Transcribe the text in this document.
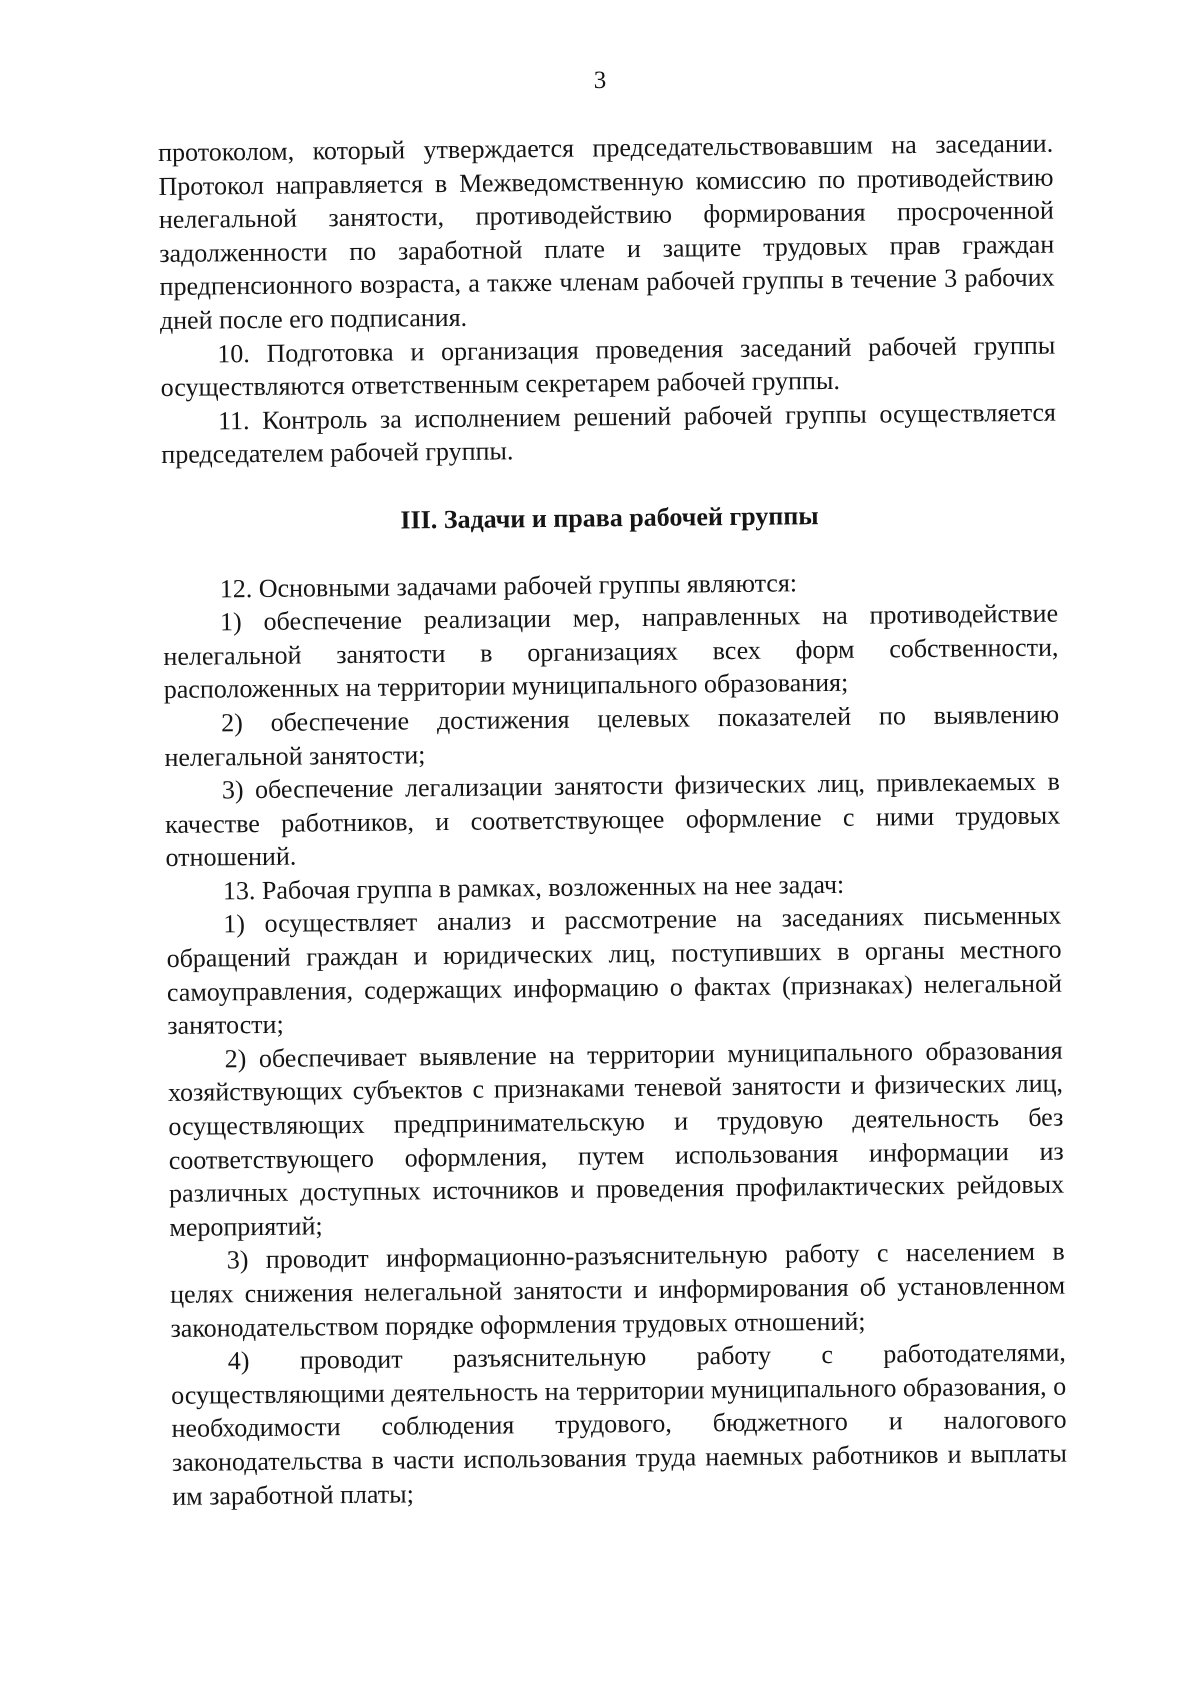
3

протоколом, который утверждается председательствовавшим на заседании. Протокол направляется в Межведомственную комиссию по противодействию нелегальной занятости, противодействию формирования просроченной задолженности по заработной плате и защите трудовых прав граждан предпенсионного возраста, а также членам рабочей группы в течение 3 рабочих дней после его подписания.

10. Подготовка и организация проведения заседаний рабочей группы осуществляются ответственным секретарем рабочей группы.

11. Контроль за исполнением решений рабочей группы осуществляется председателем рабочей группы.

III. Задачи и права рабочей группы

12. Основными задачами рабочей группы являются:

1) обеспечение реализации мер, направленных на противодействие нелегальной занятости в организациях всех форм собственности, расположенных на территории муниципального образования;

2) обеспечение достижения целевых показателей по выявлению нелегальной занятости;

3) обеспечение легализации занятости физических лиц, привлекаемых в качестве работников, и соответствующее оформление с ними трудовых отношений.

13. Рабочая группа в рамках, возложенных на нее задач:

1) осуществляет анализ и рассмотрение на заседаниях письменных обращений граждан и юридических лиц, поступивших в органы местного самоуправления, содержащих информацию о фактах (признаках) нелегальной занятости;

2) обеспечивает выявление на территории муниципального образования хозяйствующих субъектов с признаками теневой занятости и физических лиц, осуществляющих предпринимательскую и трудовую деятельность без соответствующего оформления, путем использования информации из различных доступных источников и проведения профилактических рейдовых мероприятий;

3) проводит информационно-разъяснительную работу с населением в целях снижения нелегальной занятости и информирования об установленном законодательством порядке оформления трудовых отношений;

4) проводит разъяснительную работу с работодателями, осуществляющими деятельность на территории муниципального образования, о необходимости соблюдения трудового, бюджетного и налогового законодательства в части использования труда наемных работников и выплаты им заработной платы;
